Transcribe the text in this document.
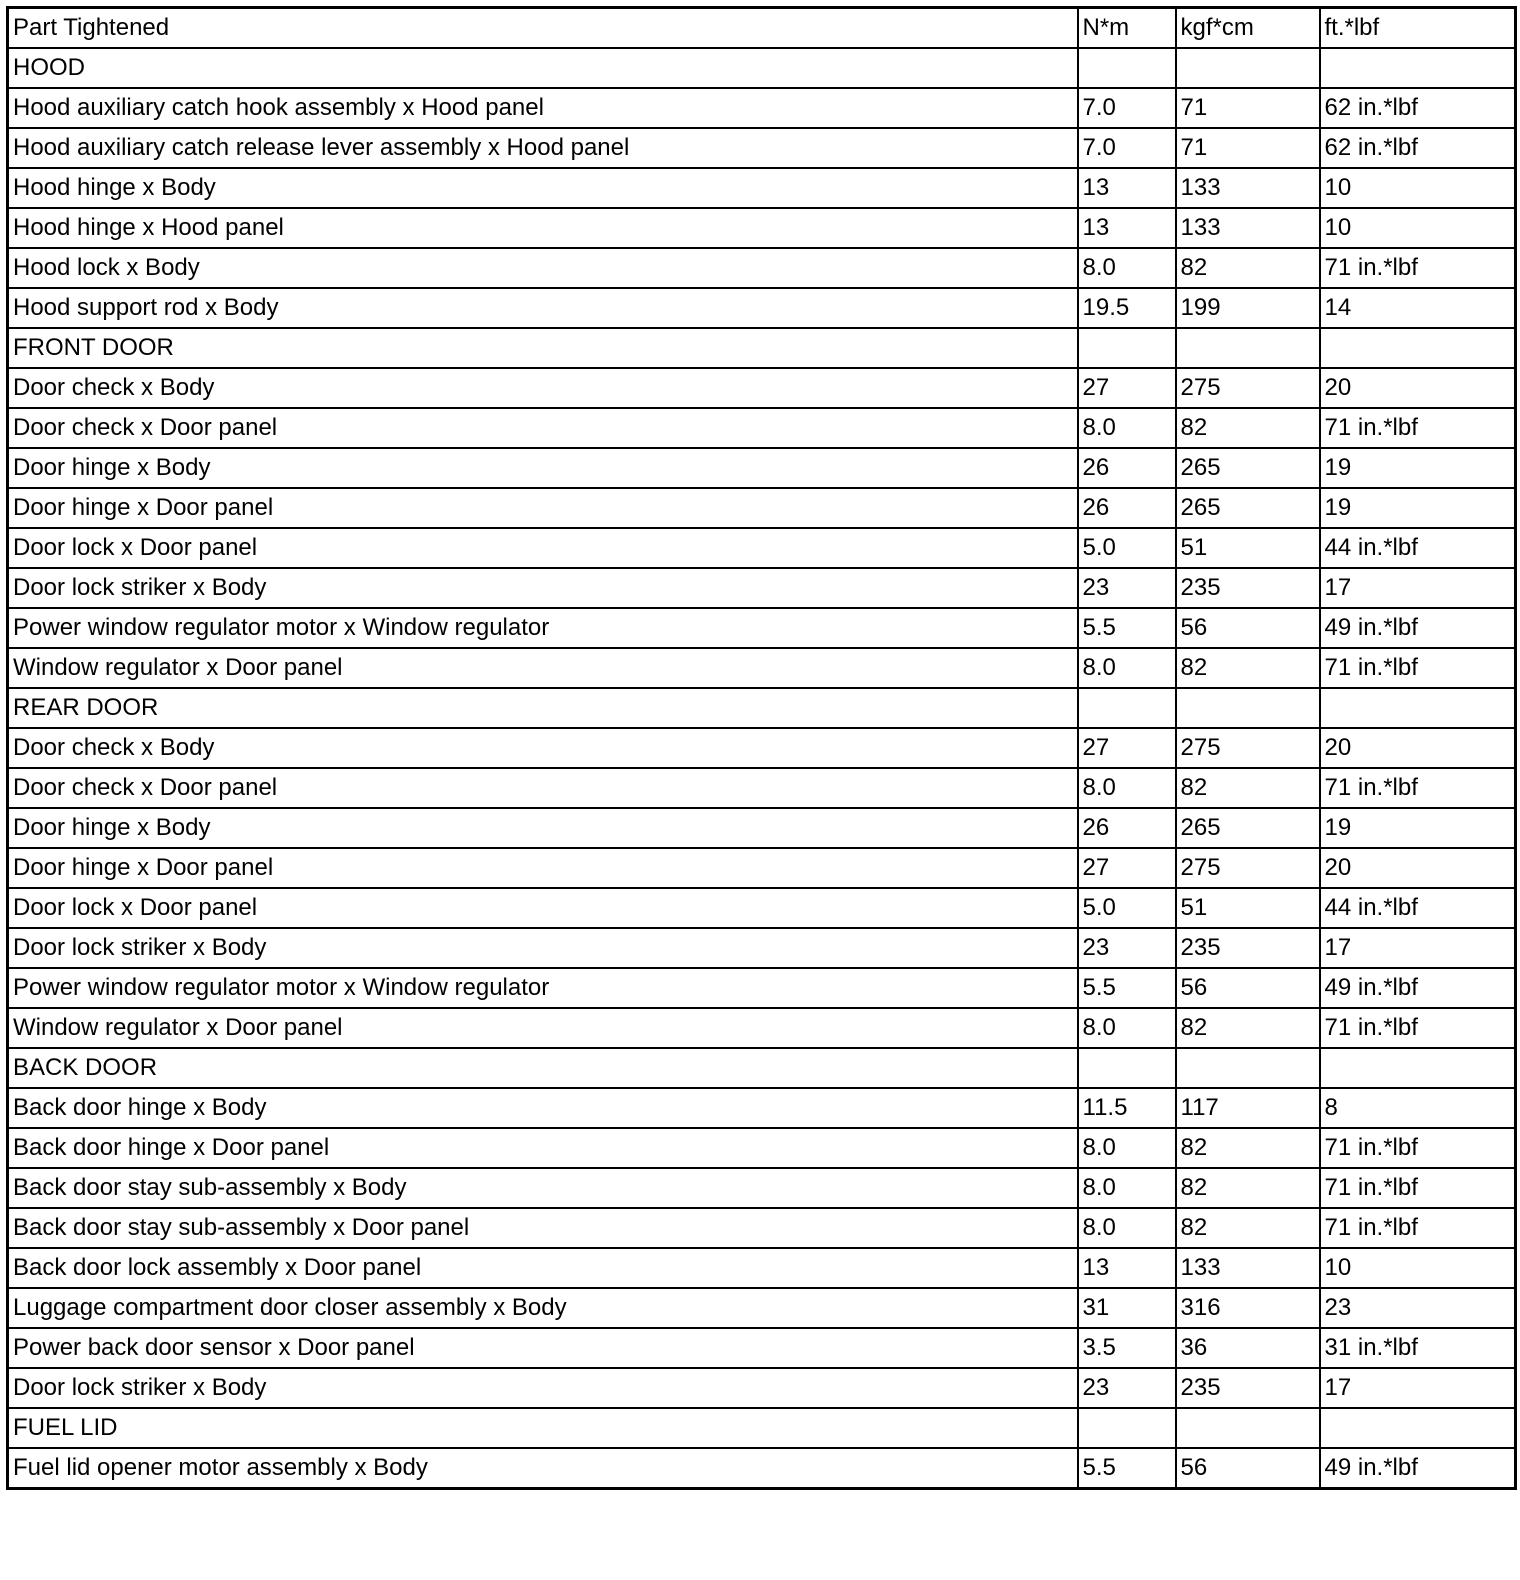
Part Tightened	N*m	kgf*cm	ft.*lbf
HOOD			
Hood auxiliary catch hook assembly x Hood panel	7.0	71	62 in.*lbf
Hood auxiliary catch release lever assembly x Hood panel	7.0	71	62 in.*lbf
Hood hinge x Body	13	133	10
Hood hinge x Hood panel	13	133	10
Hood lock x Body	8.0	82	71 in.*lbf
Hood support rod x Body	19.5	199	14
FRONT DOOR			
Door check x Body	27	275	20
Door check x Door panel	8.0	82	71 in.*lbf
Door hinge x Body	26	265	19
Door hinge x Door panel	26	265	19
Door lock x Door panel	5.0	51	44 in.*lbf
Door lock striker x Body	23	235	17
Power window regulator motor x Window regulator	5.5	56	49 in.*lbf
Window regulator x Door panel	8.0	82	71 in.*lbf
REAR DOOR			
Door check x Body	27	275	20
Door check x Door panel	8.0	82	71 in.*lbf
Door hinge x Body	26	265	19
Door hinge x Door panel	27	275	20
Door lock x Door panel	5.0	51	44 in.*lbf
Door lock striker x Body	23	235	17
Power window regulator motor x Window regulator	5.5	56	49 in.*lbf
Window regulator x Door panel	8.0	82	71 in.*lbf
BACK DOOR			
Back door hinge x Body	11.5	117	8
Back door hinge x Door panel	8.0	82	71 in.*lbf
Back door stay sub-assembly x Body	8.0	82	71 in.*lbf
Back door stay sub-assembly x Door panel	8.0	82	71 in.*lbf
Back door lock assembly x Door panel	13	133	10
Luggage compartment door closer assembly x Body	31	316	23
Power back door sensor x Door panel	3.5	36	31 in.*lbf
Door lock striker x Body	23	235	17
FUEL LID			
Fuel lid opener motor assembly x Body	5.5	56	49 in.*lbf
